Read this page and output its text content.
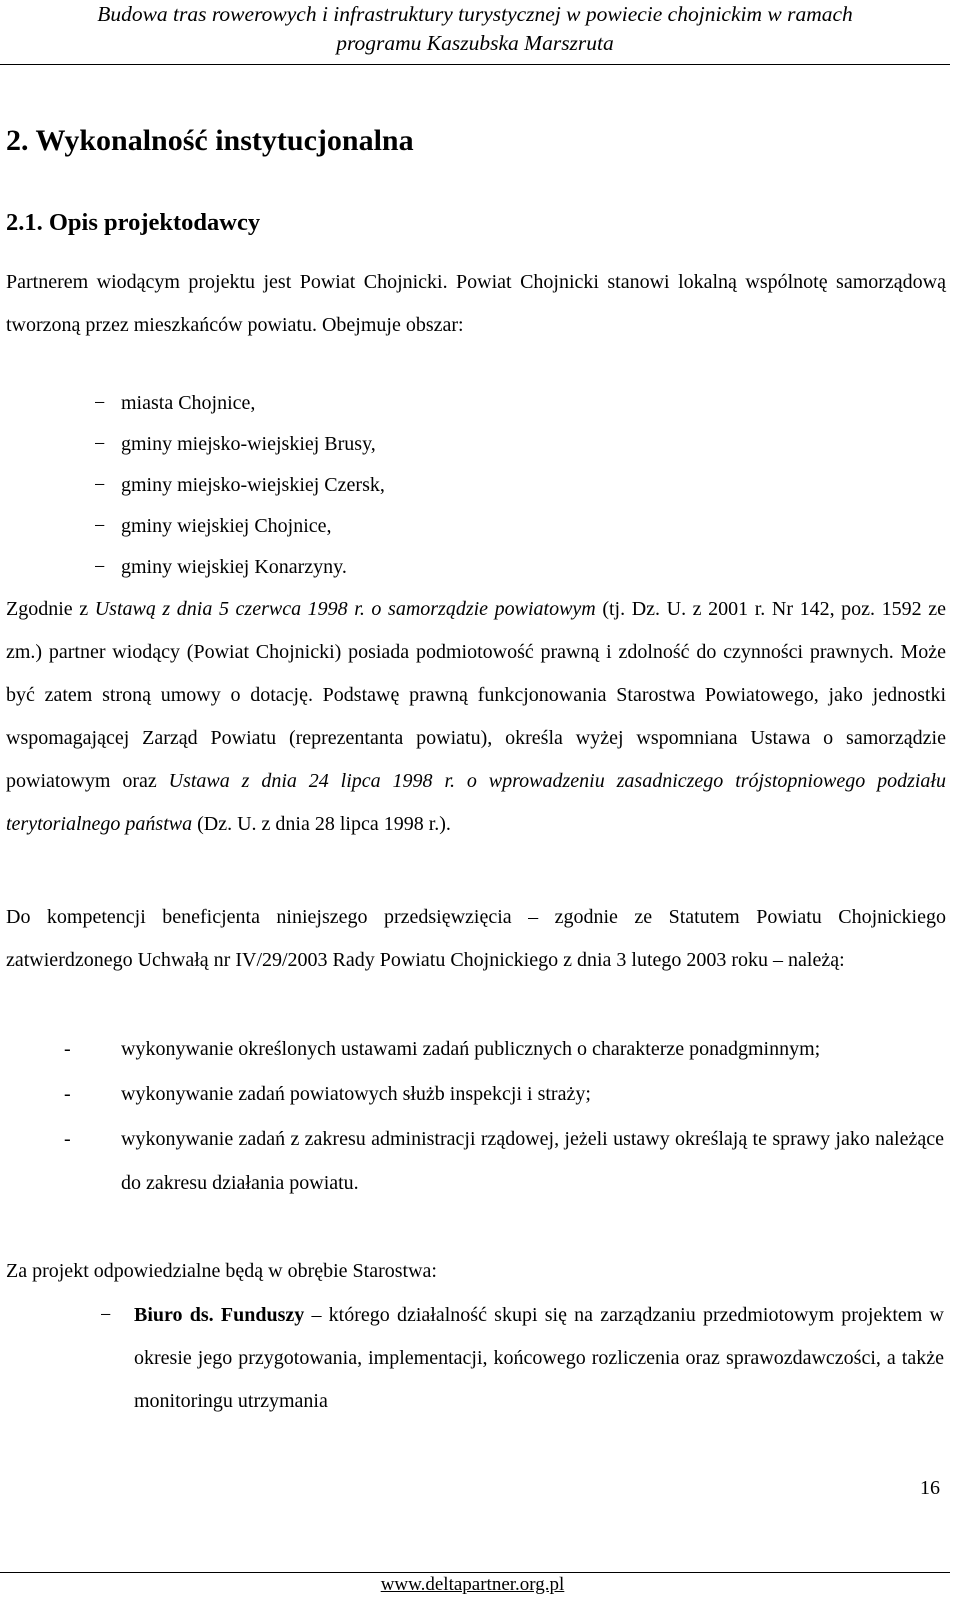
Budowa tras rowerowych i infrastruktury turystycznej w powiecie chojnickim w ramach
programu Kaszubska Marszruta
2. Wykonalność instytucjonalna
2.1. Opis projektodawcy
Partnerem wiodącym projektu jest Powiat Chojnicki. Powiat Chojnicki stanowi lokalną wspólnotę samorządową tworzoną przez mieszkańców powiatu. Obejmuje obszar:
− miasta Chojnice,
− gminy miejsko-wiejskiej Brusy,
− gminy miejsko-wiejskiej Czersk,
− gminy wiejskiej Chojnice,
− gminy wiejskiej Konarzyny.
Zgodnie z Ustawą z dnia 5 czerwca 1998 r. o samorządzie powiatowym (tj. Dz. U. z 2001 r. Nr 142, poz. 1592 ze zm.) partner wiodący (Powiat Chojnicki) posiada podmiotowość prawną i zdolność do czynności prawnych. Może być zatem stroną umowy o dotację. Podstawę prawną funkcjonowania Starostwa Powiatowego, jako jednostki wspomagającej Zarząd Powiatu (reprezentanta powiatu), określa wyżej wspomniana Ustawa o samorządzie powiatowym oraz Ustawa z dnia 24 lipca 1998 r. o wprowadzeniu zasadniczego trójstopniowego podziału terytorialnego państwa (Dz. U. z dnia 28 lipca 1998 r.).
Do kompetencji beneficjenta niniejszego przedsięwzięcia – zgodnie ze Statutem Powiatu Chojnickiego zatwierdzonego Uchwałą nr IV/29/2003 Rady Powiatu Chojnickiego z dnia 3 lutego 2003 roku – należą:
-	wykonywanie określonych ustawami zadań publicznych o charakterze ponadgminnym;
-	wykonywanie zadań powiatowych służb inspekcji i straży;
-	wykonywanie zadań z zakresu administracji rządowej, jeżeli ustawy określają te sprawy jako należące do zakresu działania powiatu.
Za projekt odpowiedzialne będą w obrębie Starostwa:
− Biuro ds. Funduszy – którego działalność skupi się na zarządzaniu przedmiotowym projektem w okresie jego przygotowania, implementacji, końcowego rozliczenia oraz sprawozdawczości, a także monitoringu utrzymania
16
www.deltapartner.org.pl
